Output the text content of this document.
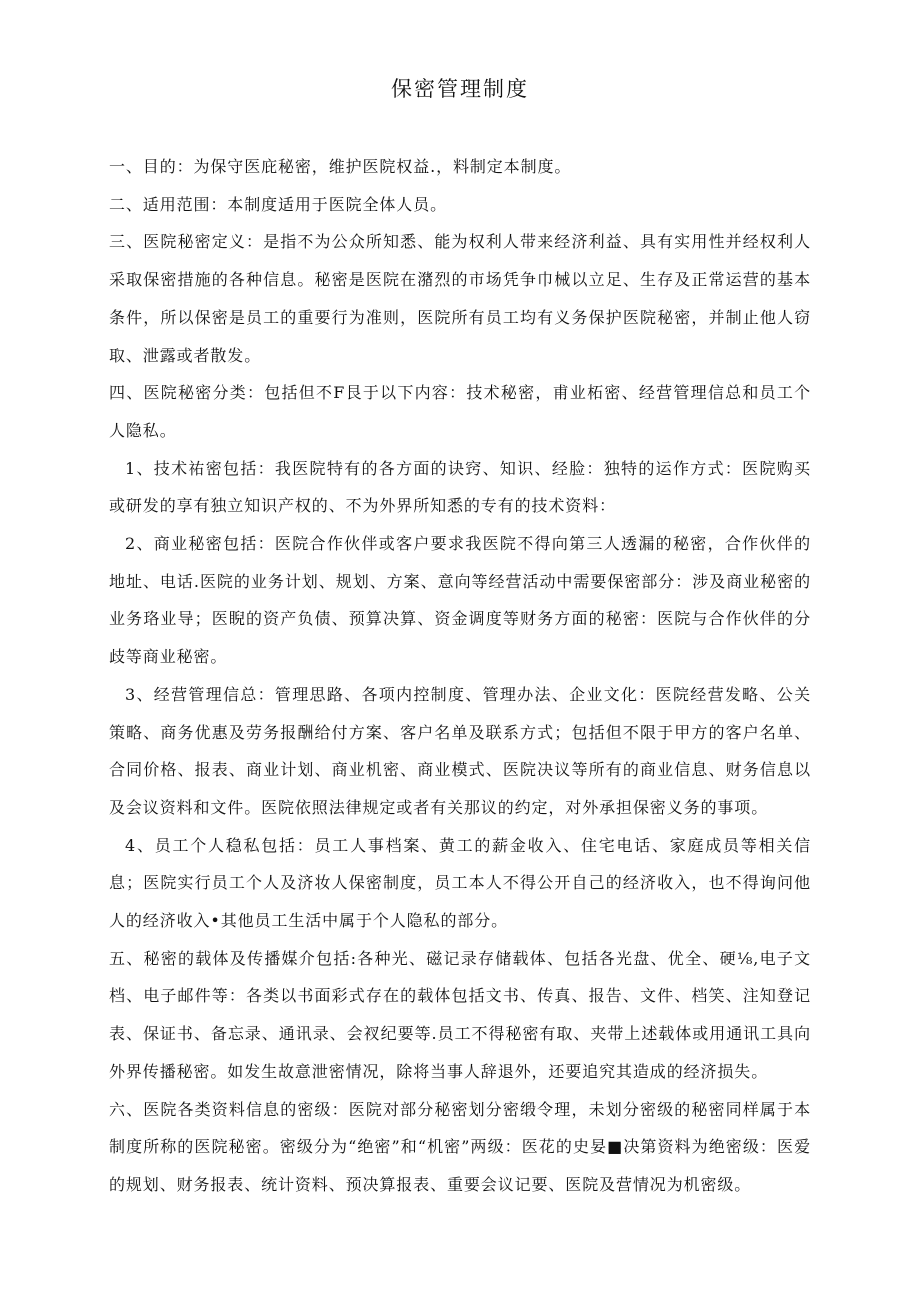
保密管理制度

一、目的：为保守医庇秘密，维护医院权益.，料制定本制度。

二、适用范围：本制度适用于医院全体人员。

三、医院秘密定义：是指不为公众所知悉、能为权利人带来经济利益、具有实用性并经权利人采取保密措施的各种信息。秘密是医院在潴烈的市场凭争巾械以立足、生存及正常运营的基本条件，所以保密是员工的重要行为准则，医院所有员工均有义务保护医院秘密，并制止他人窃取、泄露或者散发。

四、医院秘密分类：包括但不F艮于以下内容：技术秘密，甫业柘密、经营管理信总和员工个人隐私。

1、技术祐密包括：我医院特有的各方面的诀窍、知识、经脸：独特的运作方式：医院购买或研发的享有独立知识产权的、不为外界所知悉的专有的技术资料：

2、商业秘密包括：医院合作伙伴或客户要求我医院不得向第三人透漏的秘密，合作伙伴的地址、电话.医院的业务计划、规划、方案、意向等经营活动中需要保密部分：涉及商业秘密的业务珞业导；医睨的资产负债、预算决算、资金调度等财务方面的秘密：医院与合作伙伴的分歧等商业秘密。

3、经营管理信总：管理思路、各项内控制度、管理办法、企业文化：医院经营发略、公关策略、商务优惠及劳务报酬给付方案、客户名单及联系方式；包括但不限于甲方的客户名单、合同价格、报表、商业计划、商业机密、商业模式、医院决议等所有的商业信息、财务信息以及会议资料和文件。医院依照法律规定或者有关那议的约定，对外承担保密义务的事项。

4、员工个人稳私包括：员工人事档案、黄工的薪金收入、住宅电话、家庭成员等相关信息；医院实行员工个人及济妆人保密制度，员工本人不得公开自己的经济收入，也不得询问他人的经济收入•其他员工生活中属于个人隐私的部分。

五、秘密的载体及传播媒介包括:各种光、磁记录存储载体、包括各光盘、优全、硬⅛,电子文档、电子邮件等：各类以书面彩式存在的载体包括文书、传真、报告、文件、档笑、注知登记表、保证书、备忘录、通讯录、会衩纪要等.员工不得秘密有取、夹带上述载体或用通讯工具向外界传播秘密。如发生故意泄密情况，除将当事人辞退外，还要追究其造成的经济损失。

六、医院各类资料信息的密级：医院对部分秘密划分密缎令理，未划分密级的秘密同样属于本制度所称的医院秘密。密级分为“绝密”和“机密”两级：医花的史妟■决第资料为绝密级：医爱的规划、财务报表、统计资料、预决算报表、重要会议记要、医院及营情况为机密级。
